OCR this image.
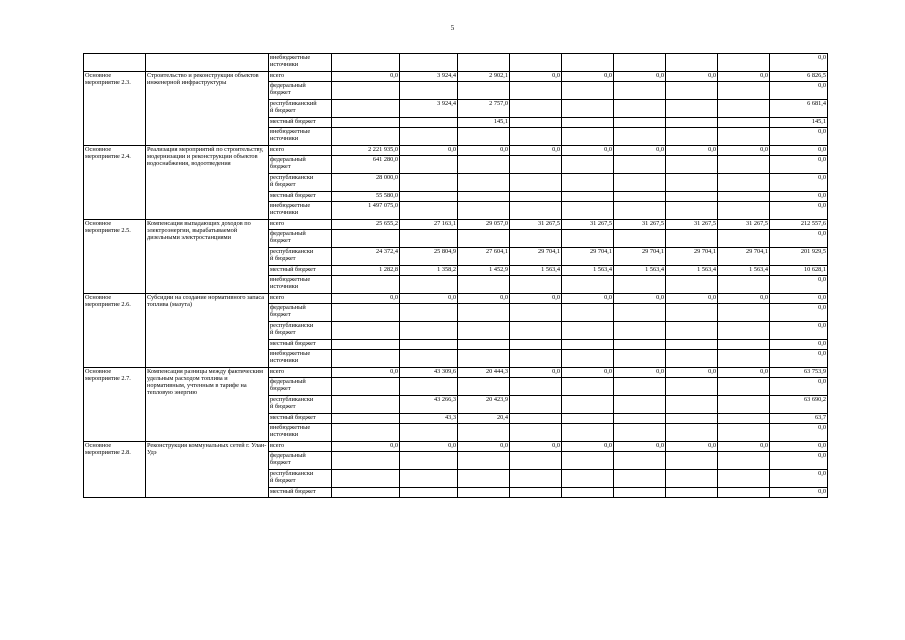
5
		внебюджетные
источники									0,0
Основное мероприятие 2.3.	Строительство и реконструкция объектов инженерной инфраструктуры	всего	0,0	3 924,4	2 902,1	0,0	0,0	0,0	0,0	0,0	6 826,5
		федеральный
бюджет									0,0
		республиканский
й бюджет		3 924,4	2 757,0						6 681,4
		местный бюджет			145,1						145,1
		внебюджетные
источники									0,0
Основное мероприятие 2.4.	Реализация мероприятий по строительству, модернизации и реконструкции объектов водоснабжения, водоотведения	всего	2 221 935,0	0,0	0,0	0,0	0,0	0,0	0,0	0,0	0,0
		федеральный
бюджет	641 280,0								0,0
		республикански
й бюджет	28 000,0								0,0
		местный бюджет	55 580,0								0,0
		внебюджетные
источники	1 497 075,0								0,0
Основное мероприятие 2.5.	Компенсация выпадающих доходов по электроэнергии, вырабатываемой дизельными электростанциями	всего	25 655,2	27 163,1	29 057,0	31 267,5	31 267,5	31 267,5	31 267,5	31 267,5	212 557,6
		федеральный
бюджет									0,0
		республикански
й бюджет	24 372,4	25 804,9	27 604,1	29 704,1	29 704,1	29 704,1	29 704,1	29 704,1	201 929,5
		местный бюджет	1 282,8	1 358,2	1 452,9	1 563,4	1 563,4	1 563,4	1 563,4	1 563,4	10 628,1
		внебюджетные
источники									0,0
Основное мероприятие 2.6.	Субсидии на создание нормативного запаса топлива (мазута)	всего	0,0	0,0	0,0	0,0	0,0	0,0	0,0	0,0	0,0
		федеральный
бюджет									0,0
		республикански
й бюджет									0,0
		местный бюджет									0,0
		внебюджетные
источники									0,0
Основное мероприятие 2.7.	Компенсация разницы между фактическим удельным расходом топлива и нормативным, учтенным в тарифе на тепловую энергию	всего	0,0	43 309,6	20 444,3	0,0	0,0	0,0	0,0	0,0	63 753,9
		федеральный
бюджет									0,0
		республикански
й бюджет		43 266,3	20 423,9						63 690,2
		местный бюджет		43,3	20,4						63,7
		внебюджетные
источники									0,0
Основное мероприятие 2.8.	Реконструкция коммунальных сетей г. Улан-Удэ	всего	0,0	0,0	0,0	0,0	0,0	0,0	0,0	0,0	0,0
		федеральный
бюджет									0,0
		республикански
й бюджет									0,0
		местный бюджет									0,0
